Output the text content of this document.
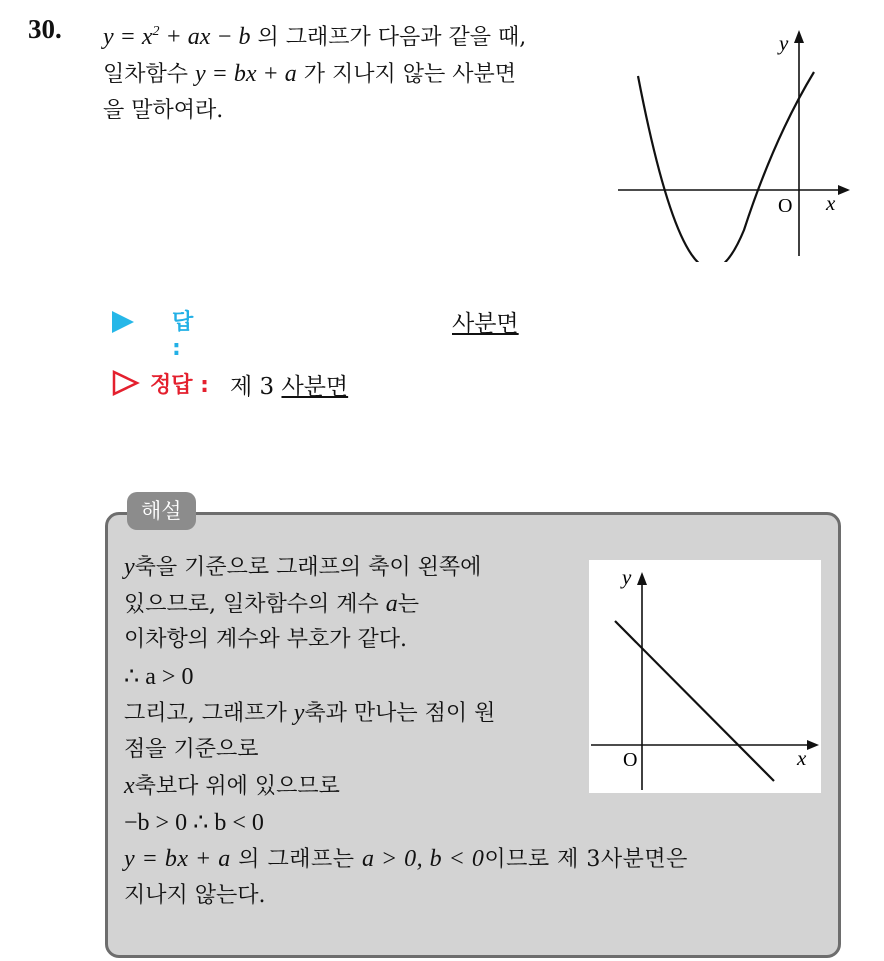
30. $y = x^2$ + ax − b 의 그래프가 다음과 같을 때,
일차함수 y = bx + a 가 지나지 않는 사분면
을 말하여라.
y
x
O
답 :
사분면
정답 : 제 3 사분면
해설
y축을 기준으로 그래프의 축이 왼쪽에
있으므로, 일차함수의 계수 a는
이차항의 계수와 부호가 같다.
∴ a > 0
그리고, 그래프가 y축과 만나는 점이 원
점을 기준으로
x축보다 위에 있으므로
−b > 0 ∴ b < 0
y = bx + a 의 그래프는 a > 0, b < 0이므로 제 3사분면은
지나지 않는다.
y
x
O
